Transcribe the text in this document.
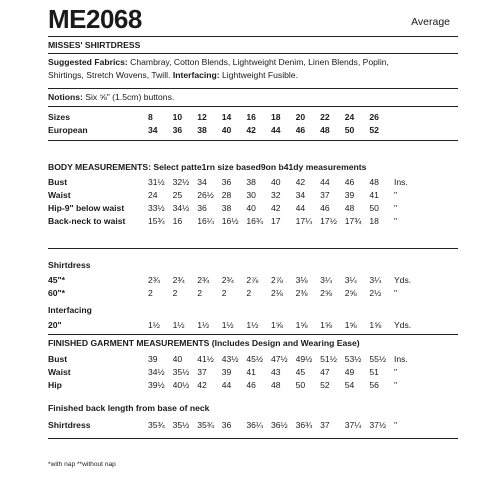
ME2068	Average
MISSES' SHIRTDRESS
Suggested Fabrics: Chambray, Cotton Blends, Lightweight Denim, Linen Blends, Poplin,
Shirtings, Stretch Wovens, Twill. Interfacing: Lightweight Fusible.
Notions: Six ⅝" (1.5cm) buttons.
Sizes	8	10	12	14	16	18	20	22	24	26	
European	34	36	38	40	42	44	46	48	50	52	
BODY MEASUREMENTS: Select patte1rn size based9on b41dy measurements
Bust	31½	32½	34	36	38	40	42	44	46	48	Ins.
Waist	24	25	26½	28	30	32	34	37	39	41	"
Hip-9" below waist	33½	34½	36	38	40	42	44	46	48	50	"
Back-neck to waist	15¾	16	16¼	16½	16¾	17	17¼	17½	17¾	18	"
Shirtdress
45"*	2¾	2¾	2¾	2¾	2⅞	2⅞	3⅛	3¼	3¼	3¼	Yds.
60"*	2	2	2	2	2	2⅛	2⅜	2⅝	2⅝	2½	"
Interfacing
20"	1½	1½	1½	1½	1½	1⅝	1⅝	1⅝	1⅝	1⅝	Yds.
FINISHED GARMENT MEASUREMENTS (Includes Design and Wearing Ease)
Bust	39	40	41½	43½	45½	47½	49½	51½	53½	55½	Ins.
Waist	34½	35½	37	39	41	43	45	47	49	51	"
Hip	39½	40½	42	44	46	48	50	52	54	56	"
Finished back length from base of neck
Shirtdress	35¾	35½	35¾	36	36¼	36½	36¾	37	37¼	37½	"
*with nap **without nap
